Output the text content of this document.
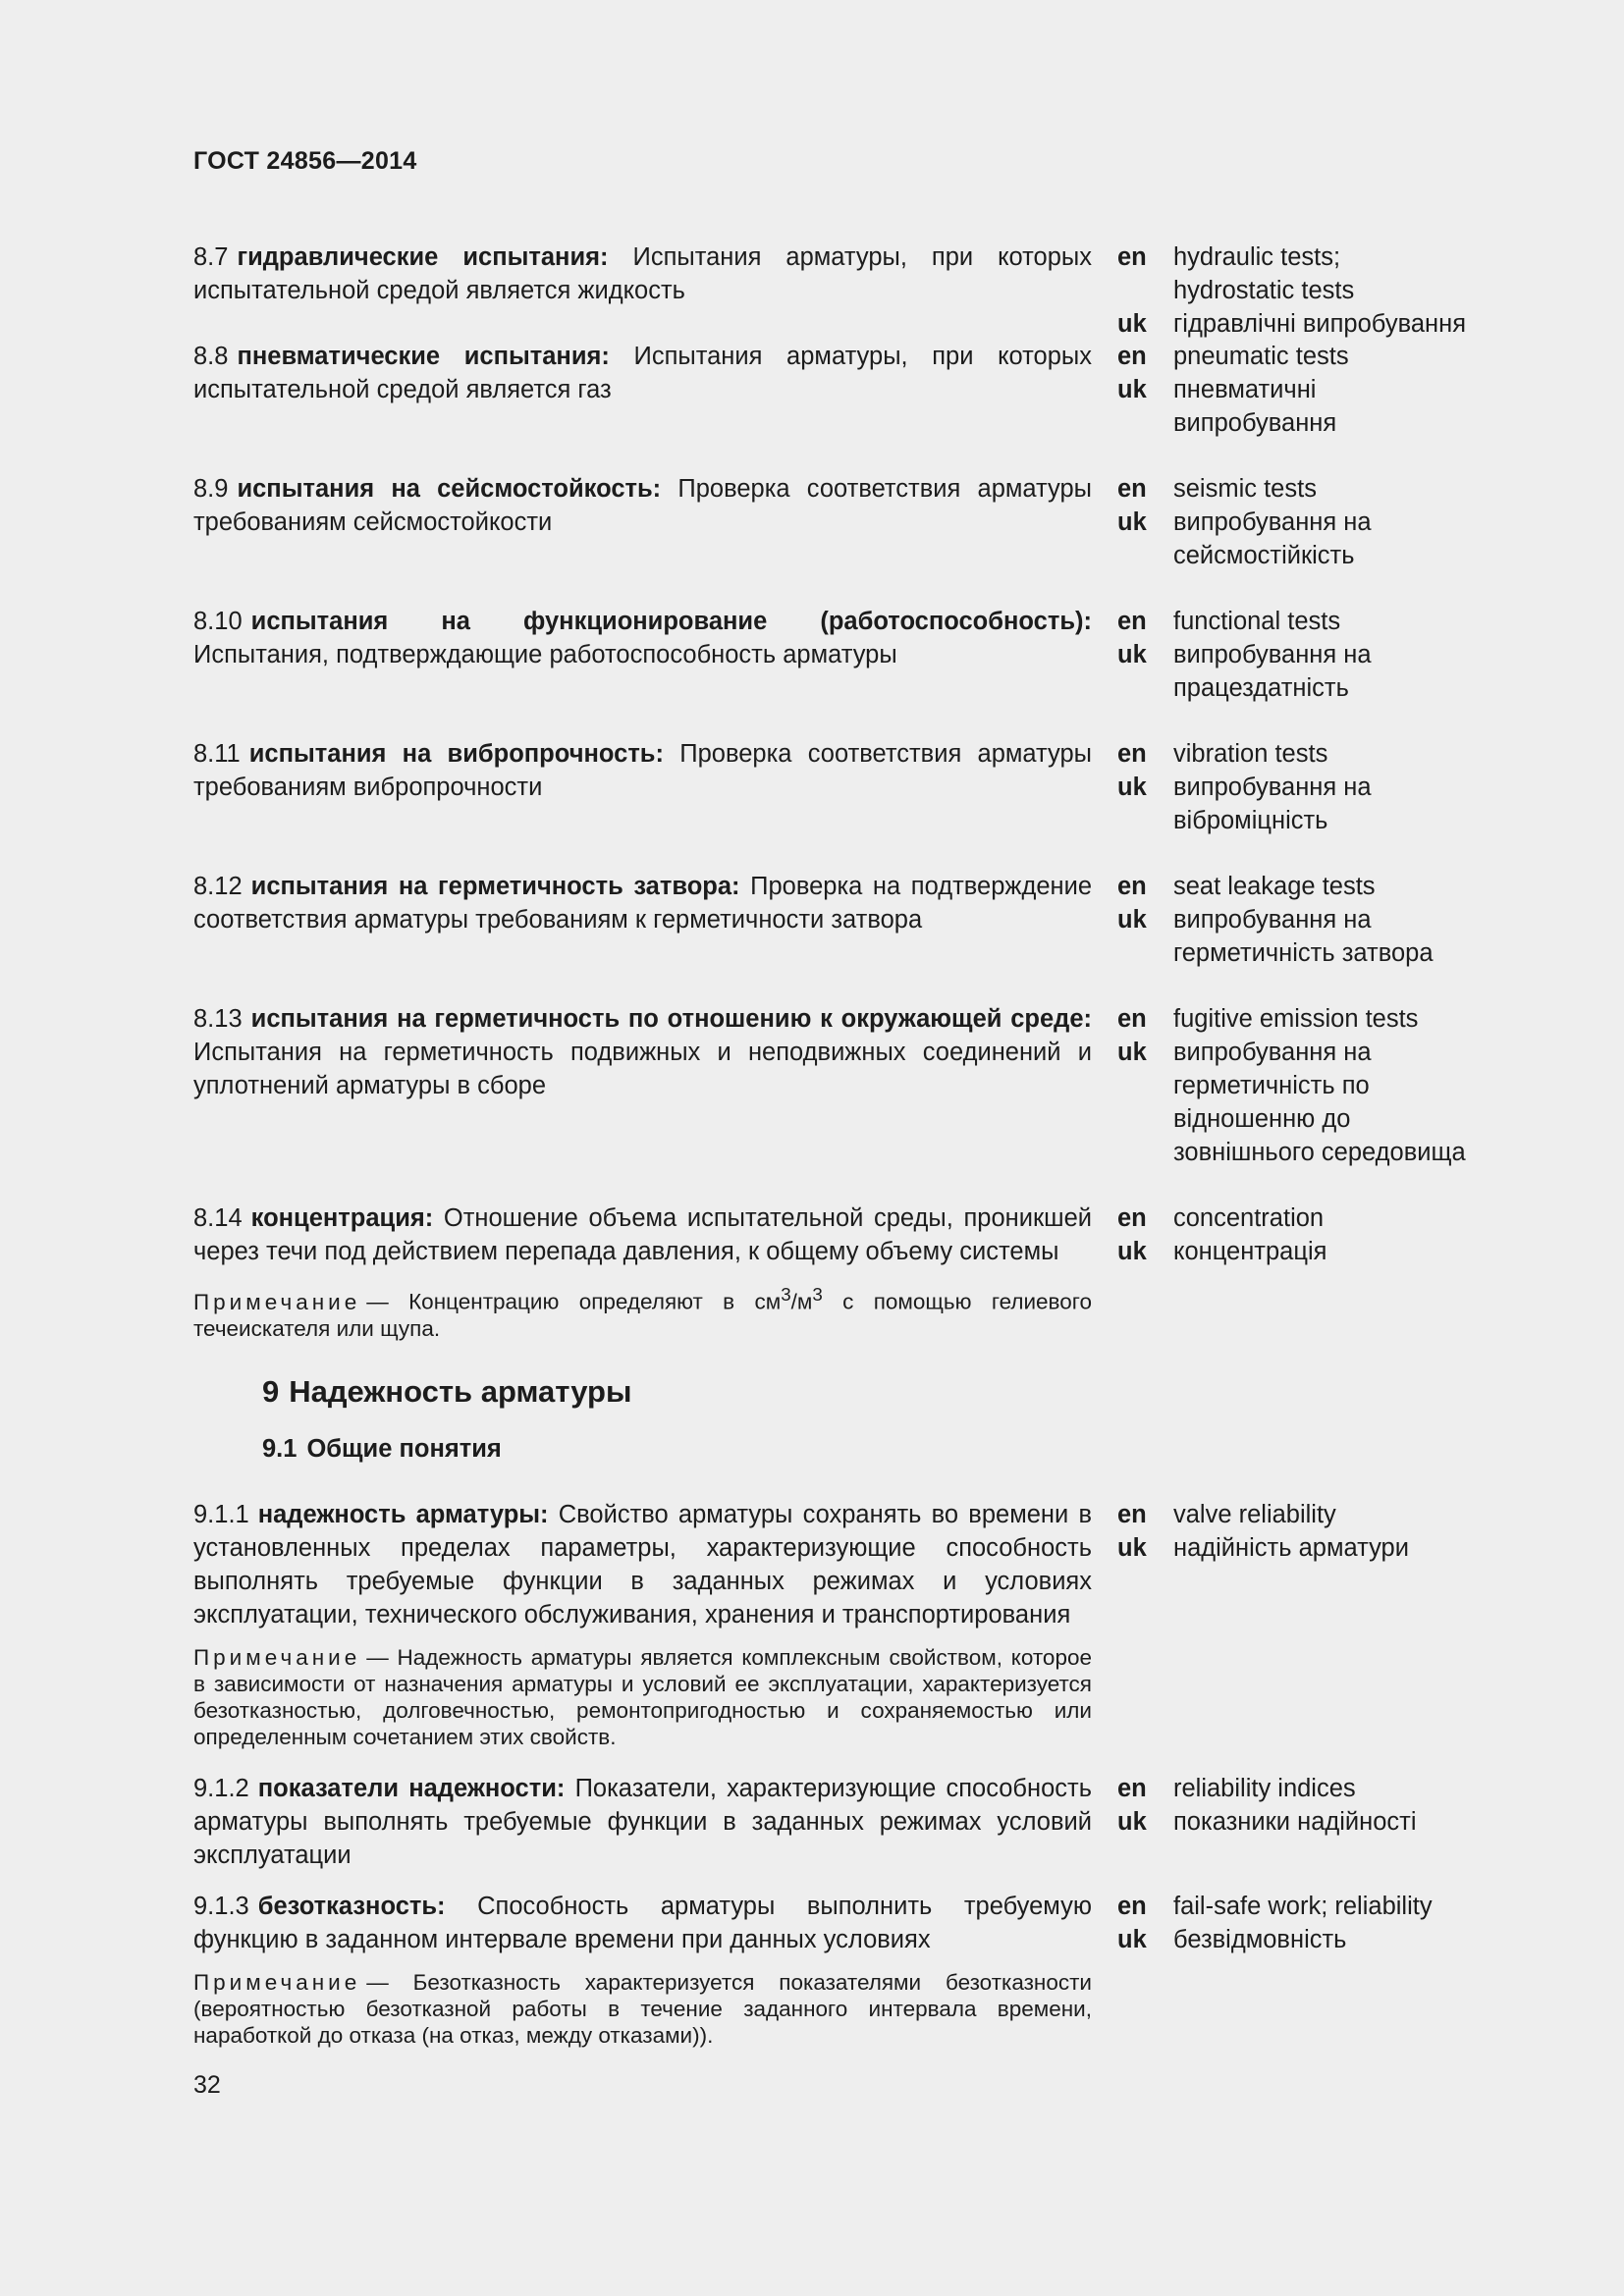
ГОСТ 24856—2014
8.7 гидравлические испытания: Испытания арматуры, при которых испытательной средой является жидкость
en	hydraulic tests; hydrostatic tests
uk	гідравлічні випробування
8.8 пневматические испытания: Испытания арматуры, при которых испытательной средой является газ
en	pneumatic tests
uk	пневматичні випробування
8.9 испытания на сейсмостойкость: Проверка соответствия арматуры требованиям сейсмостойкости
en	seismic tests
uk	випробування на сейсмостійкість
8.10 испытания на функционирование (работоспособность): Испытания, подтверждающие работоспособность арматуры
en	functional tests
uk	випробування на працездатність
8.11 испытания на вибропрочность: Проверка соответствия арматуры требованиям вибропрочности
en	vibration tests
uk	випробування на віброміцність
8.12 испытания на герметичность затвора: Проверка на подтверждение соответствия арматуры требованиям к герметичности затвора
en	seat leakage tests
uk	випробування на герметичність затвора
8.13 испытания на герметичность по отношению к окружающей среде: Испытания на герметичность подвижных и неподвижных соединений и уплотнений арматуры в сборе
en	fugitive emission tests
uk	випробування на герметичність по відношенню до зовнішнього середовища
8.14 концентрация: Отношение объема испытательной среды, проникшей через течи под действием перепада давления, к общему объему системы
en	concentration
uk	концентрація
Примечание — Концентрацию определяют в $см^3/м^3$ с помощью гелиевого течеискателя или щупа.
9 Надежность арматуры
9.1 Общие понятия
9.1.1 надежность арматуры: Свойство арматуры сохранять во времени в установленных пределах параметры, характеризующие способность выполнять требуемые функции в заданных режимах и условиях эксплуатации, технического обслуживания, хранения и транспортирования
en	valve reliability
uk	надійність арматури
Примечание — Надежность арматуры является комплексным свойством, которое в зависимости от назначения арматуры и условий ее эксплуатации, характеризуется безотказностью, долговечностью, ремонтопригодностью и сохраняемостью или определенным сочетанием этих свойств.
9.1.2 показатели надежности: Показатели, характеризующие способность арматуры выполнять требуемые функции в заданных режимах условий эксплуатации
en	reliability indices
uk	показники надійності
9.1.3 безотказность: Способность арматуры выполнить требуемую функцию в заданном интервале времени при данных условиях
en	fail-safe work; reliability
uk	безвідмовність
Примечание — Безотказность характеризуется показателями безотказности (вероятностью безотказной работы в течение заданного интервала времени, наработкой до отказа (на отказ, между отказами)).
32
